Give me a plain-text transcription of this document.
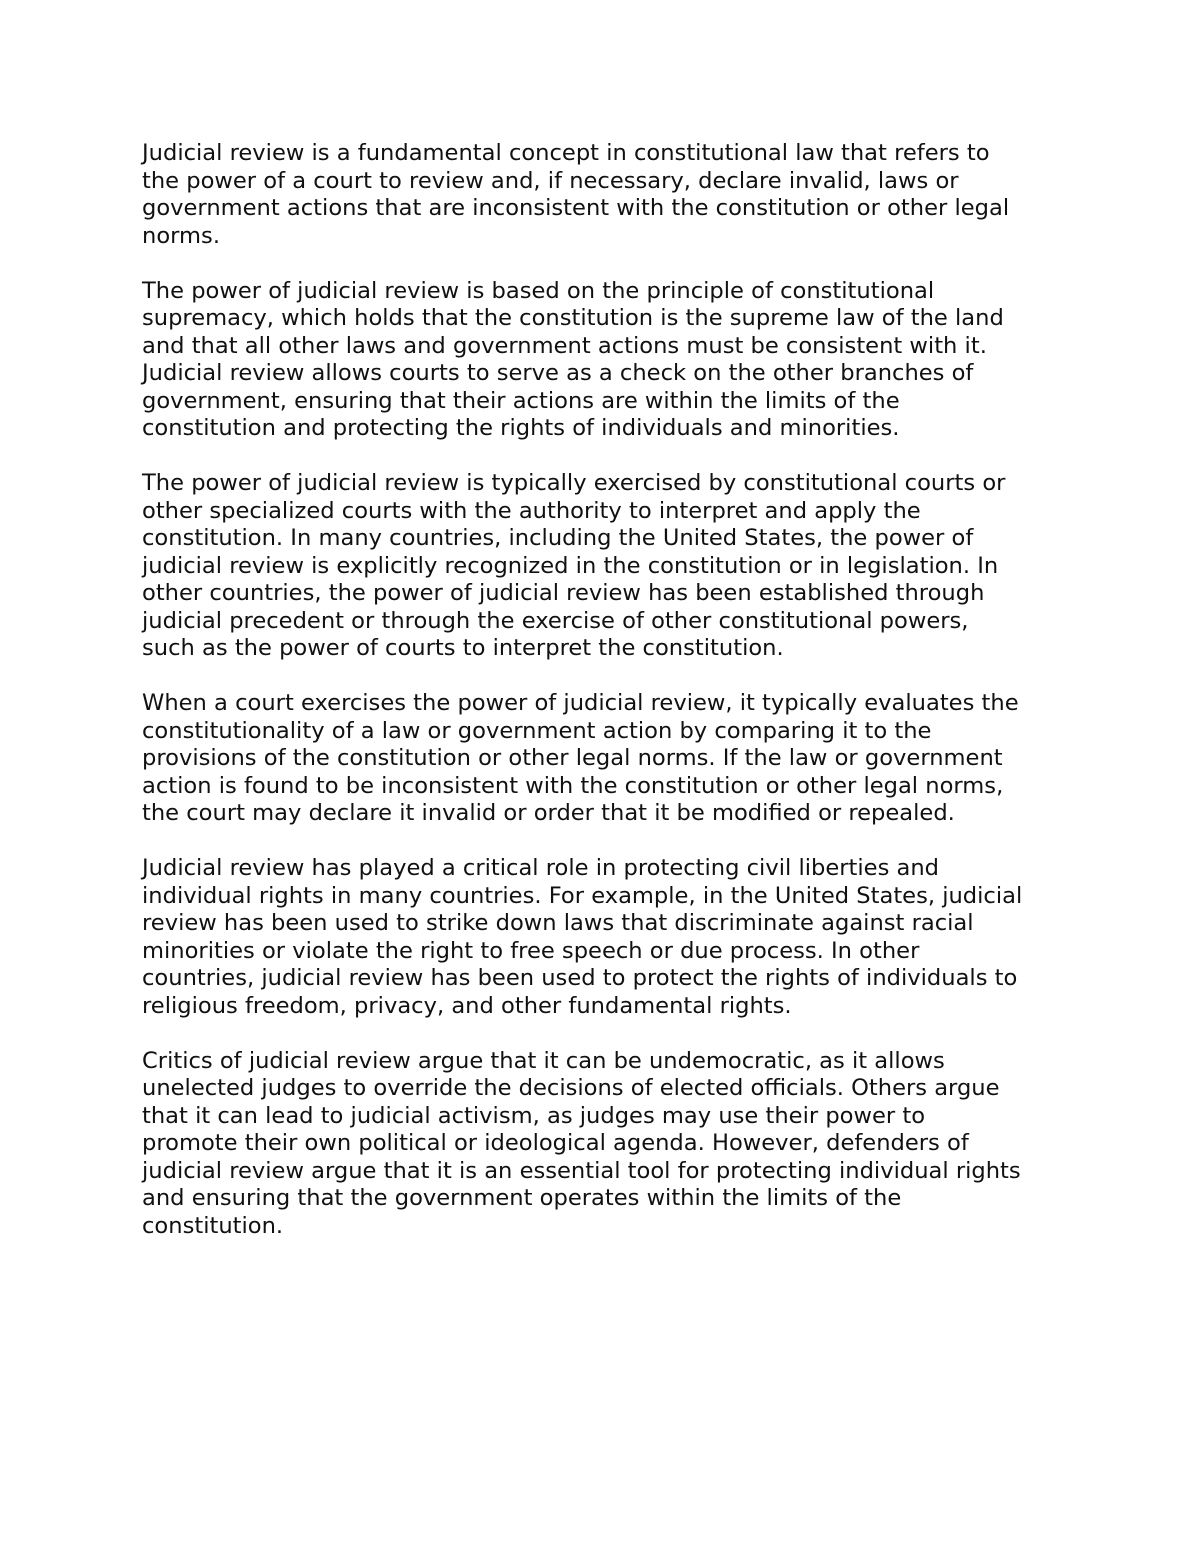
Judicial review is a fundamental concept in constitutional law that refers to
the power of a court to review and, if necessary, declare invalid, laws or
government actions that are inconsistent with the constitution or other legal
norms.

The power of judicial review is based on the principle of constitutional
supremacy, which holds that the constitution is the supreme law of the land
and that all other laws and government actions must be consistent with it.
Judicial review allows courts to serve as a check on the other branches of
government, ensuring that their actions are within the limits of the
constitution and protecting the rights of individuals and minorities.

The power of judicial review is typically exercised by constitutional courts or
other specialized courts with the authority to interpret and apply the
constitution. In many countries, including the United States, the power of
judicial review is explicitly recognized in the constitution or in legislation. In
other countries, the power of judicial review has been established through
judicial precedent or through the exercise of other constitutional powers,
such as the power of courts to interpret the constitution.

When a court exercises the power of judicial review, it typically evaluates the
constitutionality of a law or government action by comparing it to the
provisions of the constitution or other legal norms. If the law or government
action is found to be inconsistent with the constitution or other legal norms,
the court may declare it invalid or order that it be modified or repealed.

Judicial review has played a critical role in protecting civil liberties and
individual rights in many countries. For example, in the United States, judicial
review has been used to strike down laws that discriminate against racial
minorities or violate the right to free speech or due process. In other
countries, judicial review has been used to protect the rights of individuals to
religious freedom, privacy, and other fundamental rights.

Critics of judicial review argue that it can be undemocratic, as it allows
unelected judges to override the decisions of elected officials. Others argue
that it can lead to judicial activism, as judges may use their power to
promote their own political or ideological agenda. However, defenders of
judicial review argue that it is an essential tool for protecting individual rights
and ensuring that the government operates within the limits of the
constitution.
